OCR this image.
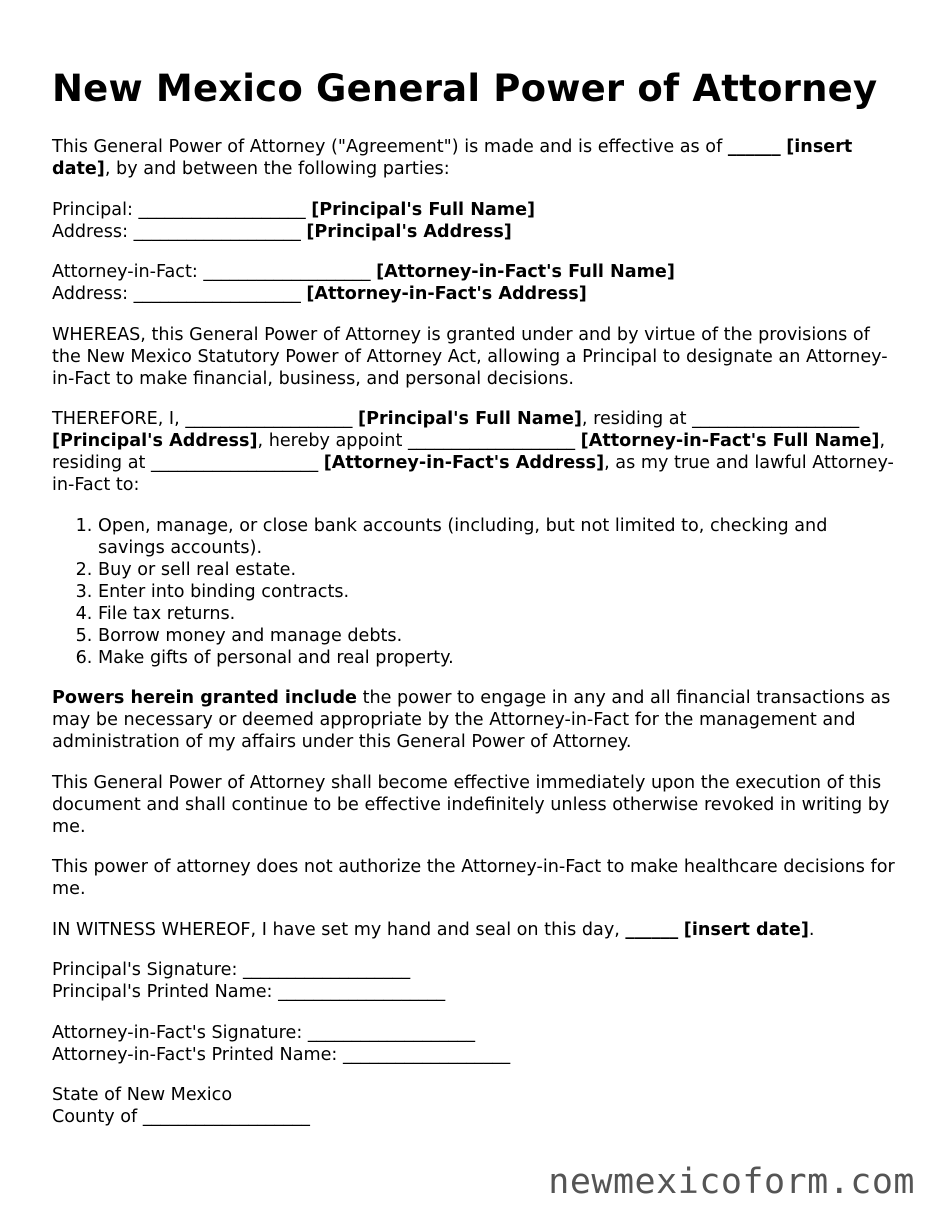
New Mexico General Power of Attorney

This General Power of Attorney ("Agreement") is made and is effective as of ______ [insert date], by and between the following parties:

Principal: ___________________ [Principal's Full Name]
Address: ___________________ [Principal's Address]

Attorney-in-Fact: ___________________ [Attorney-in-Fact's Full Name]
Address: ___________________ [Attorney-in-Fact's Address]

WHEREAS, this General Power of Attorney is granted under and by virtue of the provisions of the New Mexico Statutory Power of Attorney Act, allowing a Principal to designate an Attorney-in-Fact to make financial, business, and personal decisions.

THEREFORE, I, ___________________ [Principal's Full Name], residing at ___________________ [Principal's Address], hereby appoint ___________________ [Attorney-in-Fact's Full Name], residing at ___________________ [Attorney-in-Fact's Address], as my true and lawful Attorney-in-Fact to:

1. Open, manage, or close bank accounts (including, but not limited to, checking and savings accounts).
2. Buy or sell real estate.
3. Enter into binding contracts.
4. File tax returns.
5. Borrow money and manage debts.
6. Make gifts of personal and real property.

Powers herein granted include the power to engage in any and all financial transactions as may be necessary or deemed appropriate by the Attorney-in-Fact for the management and administration of my affairs under this General Power of Attorney.

This General Power of Attorney shall become effective immediately upon the execution of this document and shall continue to be effective indefinitely unless otherwise revoked in writing by me.

This power of attorney does not authorize the Attorney-in-Fact to make healthcare decisions for me.

IN WITNESS WHEREOF, I have set my hand and seal on this day, ______ [insert date].

Principal's Signature: ___________________
Principal's Printed Name: ___________________

Attorney-in-Fact's Signature: ___________________
Attorney-in-Fact's Printed Name: ___________________

State of New Mexico
County of ___________________

newmexicoform.com
